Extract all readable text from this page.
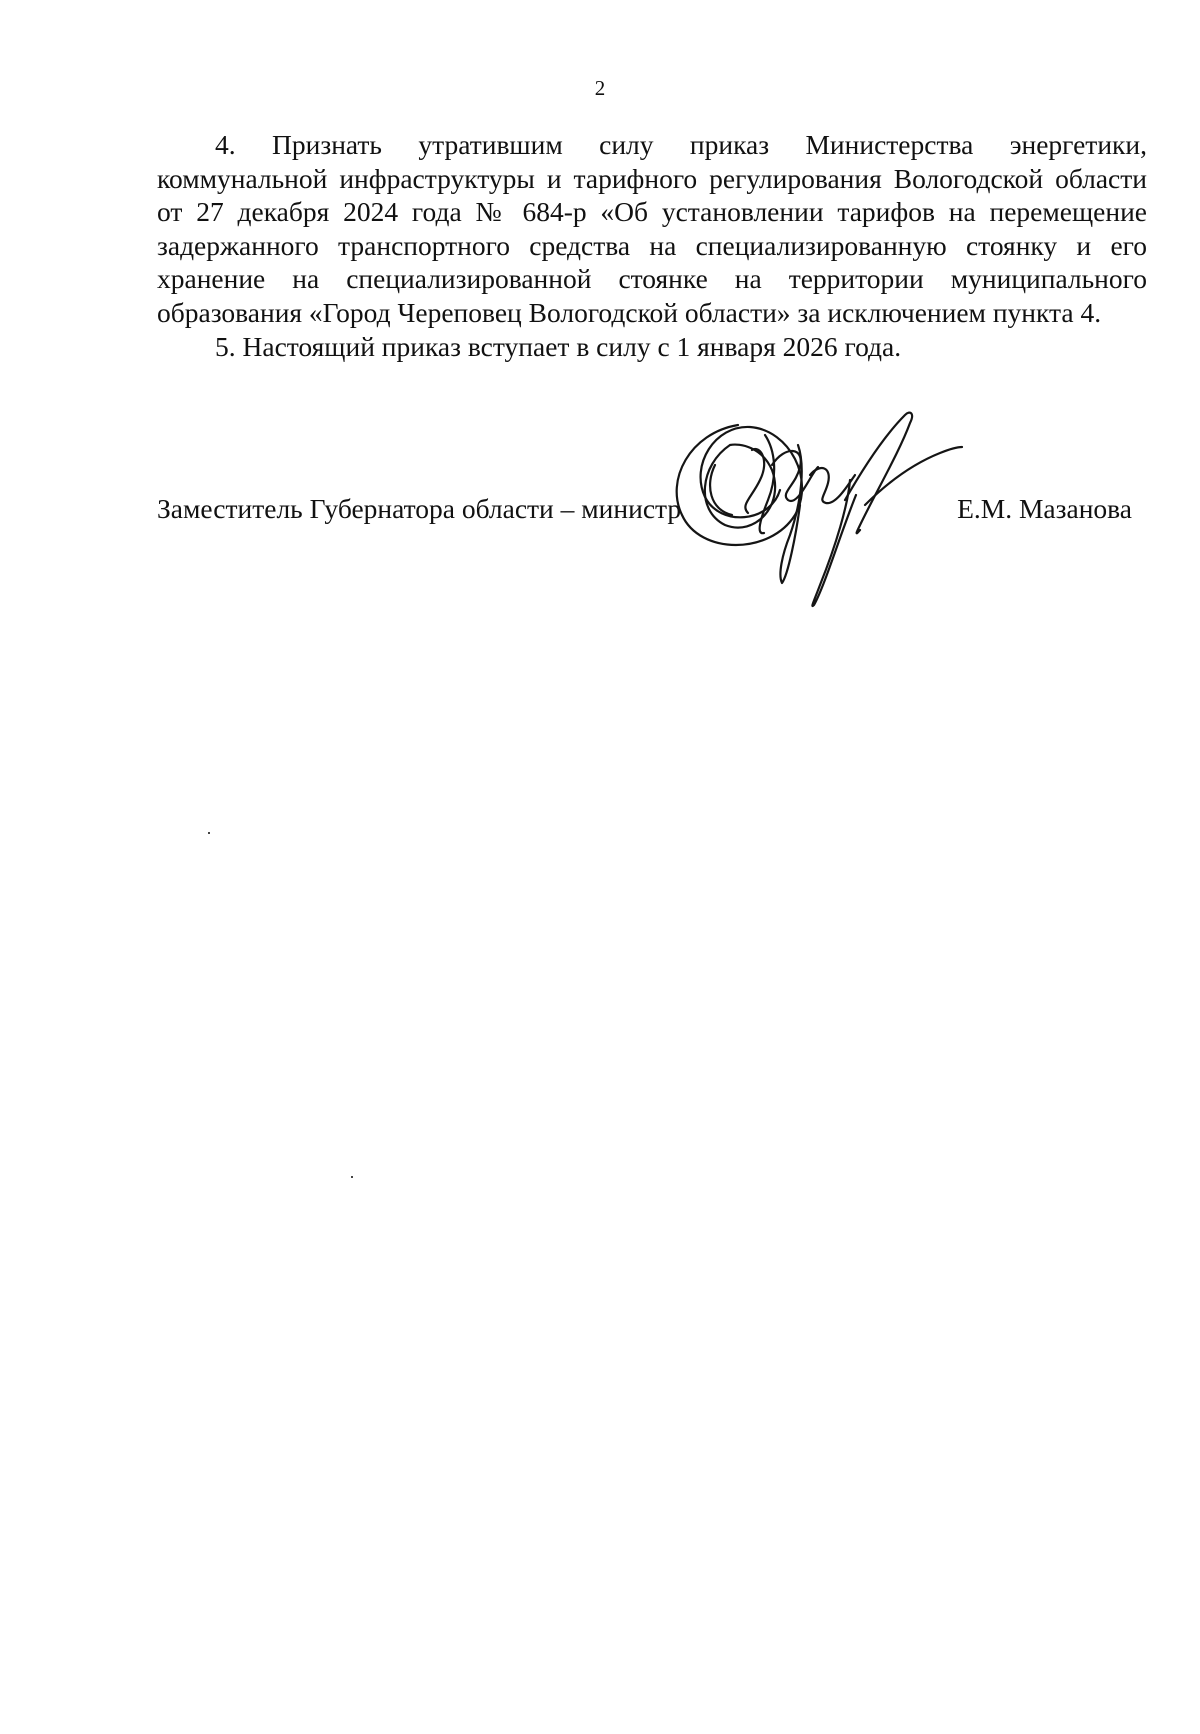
2

4. Признать утратившим силу приказ Министерства энергетики, коммунальной инфраструктуры и тарифного регулирования Вологодской области от 27 декабря 2024 года № 684-р «Об установлении тарифов на перемещение задержанного транспортного средства на специализированную стоянку и его хранение на специализированной стоянке на территории муниципального образования «Город Череповец Вологодской области» за исключением пункта 4.

5. Настоящий приказ вступает в силу с 1 января 2026 года.

Заместитель Губернатора области – министр	Е.М. Мазанова
